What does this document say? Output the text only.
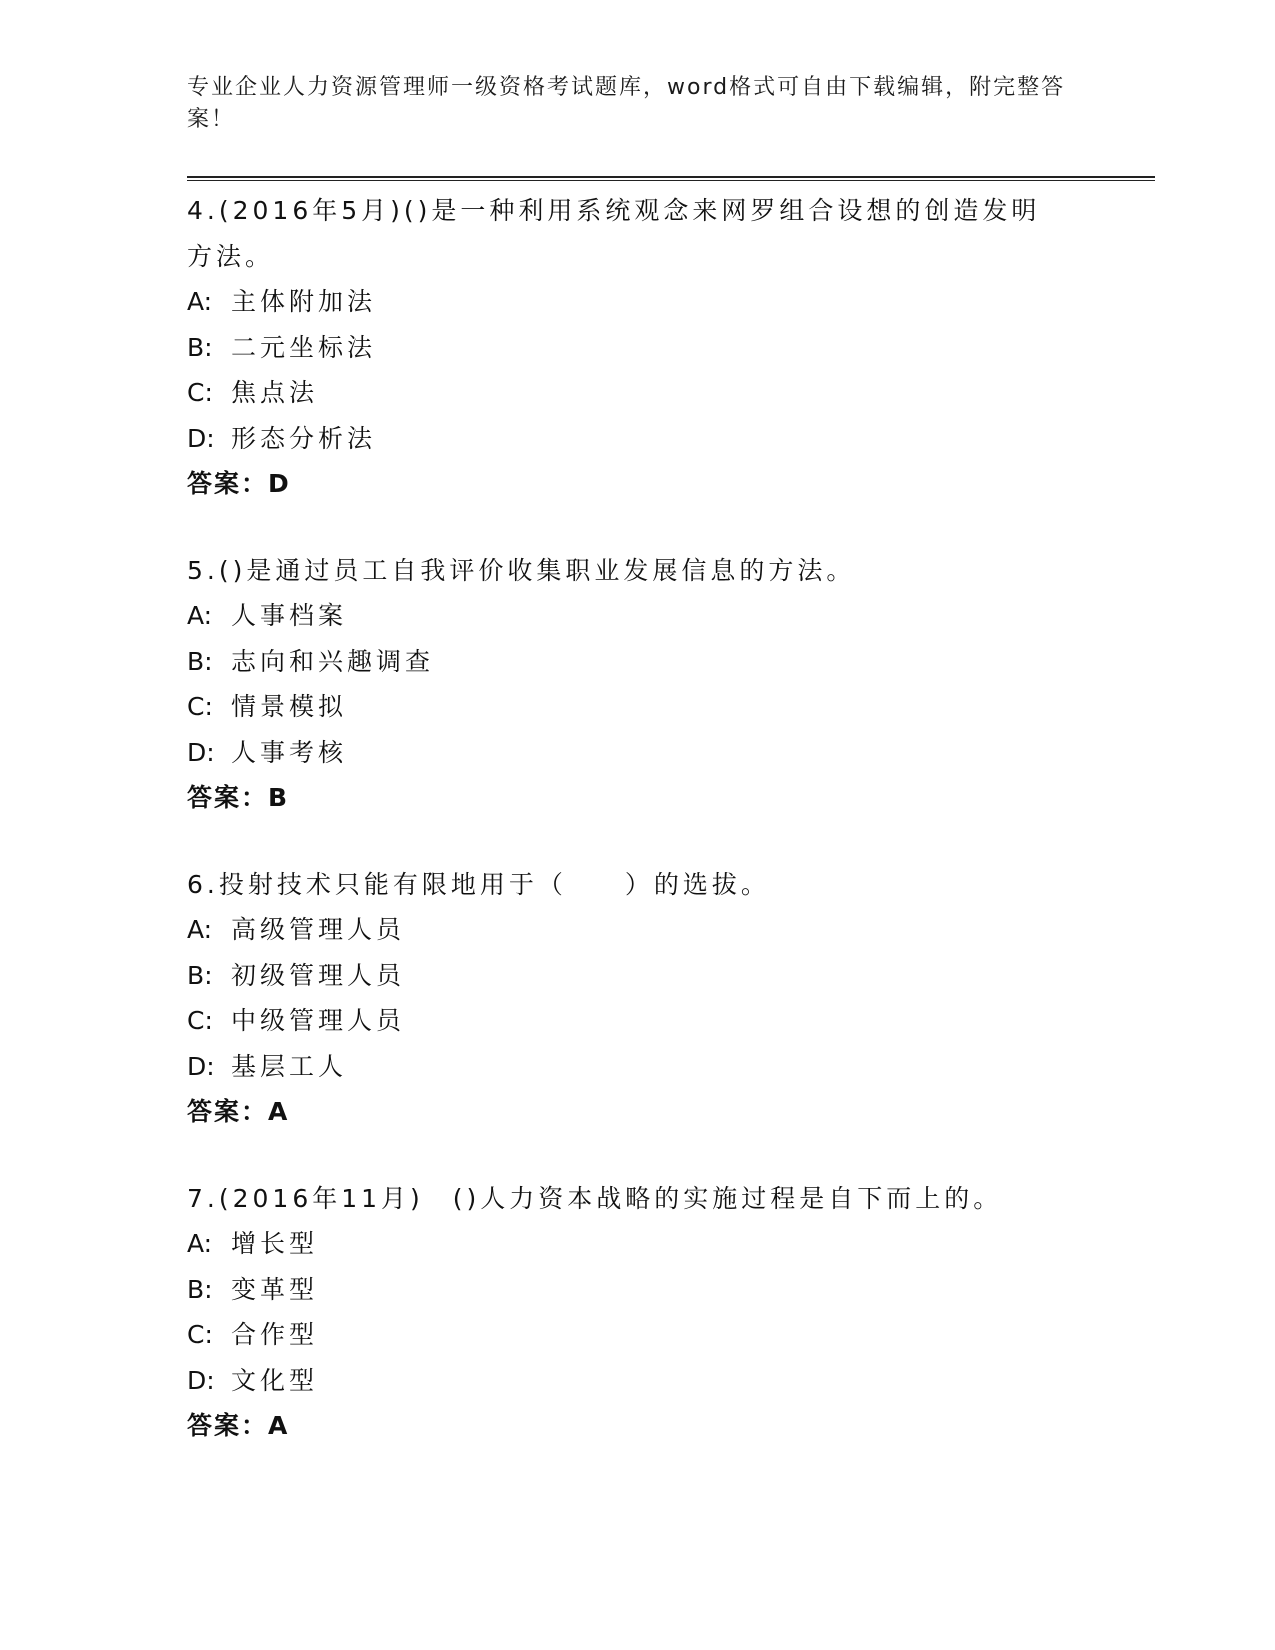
专业企业人力资源管理师一级资格考试题库，word格式可自由下载编辑，附完整答案！
4.(2016年5月)()是一种利用系统观念来网罗组合设想的创造发明方法。
A: 主体附加法
B: 二元坐标法
C: 焦点法
D: 形态分析法
答案：D
5.()是通过员工自我评价收集职业发展信息的方法。
A: 人事档案
B: 志向和兴趣调查
C: 情景模拟
D: 人事考核
答案：B
6.投射技术只能有限地用于（　　）的选拔。
A: 高级管理人员
B: 初级管理人员
C: 中级管理人员
D: 基层工人
答案：A
7.(2016年11月)　()人力资本战略的实施过程是自下而上的。
A: 增长型
B: 变革型
C: 合作型
D: 文化型
答案：A
